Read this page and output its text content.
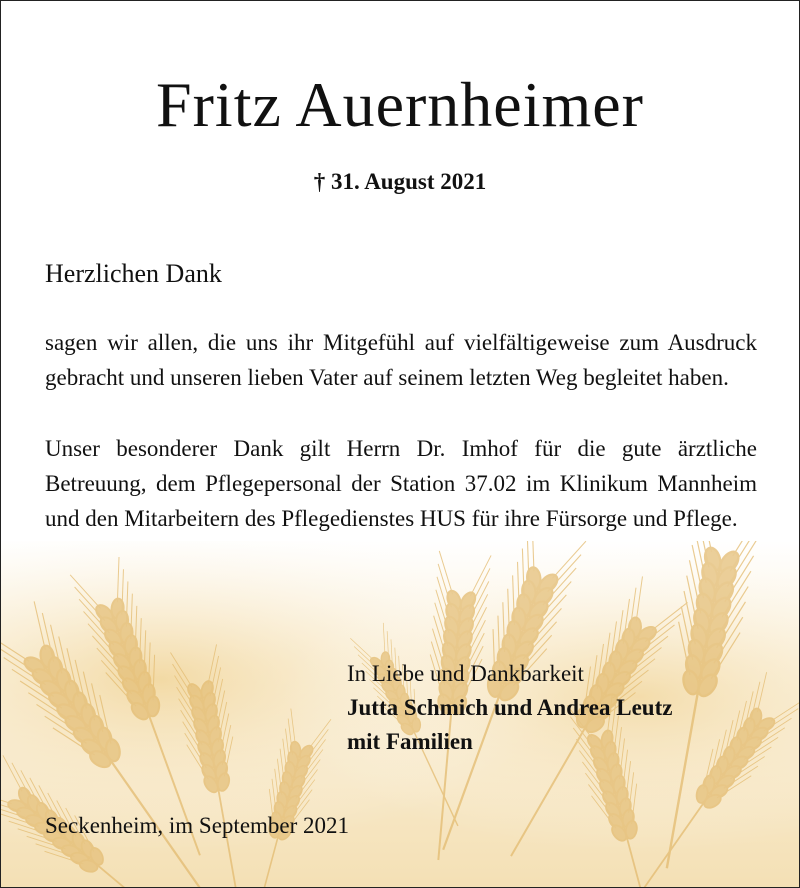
Fritz Auernheimer
† 31. August 2021
Herzlichen Dank
sagen wir allen, die uns ihr Mitgefühl auf vielfältigeweise zum Ausdruck gebracht und unseren lieben Vater auf seinem letzten Weg begleitet haben.
Unser besonderer Dank gilt Herrn Dr. Imhof für die gute ärztliche Betreuung, dem Pflegepersonal der Station 37.02 im Klinikum Mannheim und den Mitarbeitern des Pflegedienstes HUS für ihre Fürsorge und Pflege.
In Liebe und Dankbarkeit
Jutta Schmich und Andrea Leutz
mit Familien
Seckenheim, im September 2021
